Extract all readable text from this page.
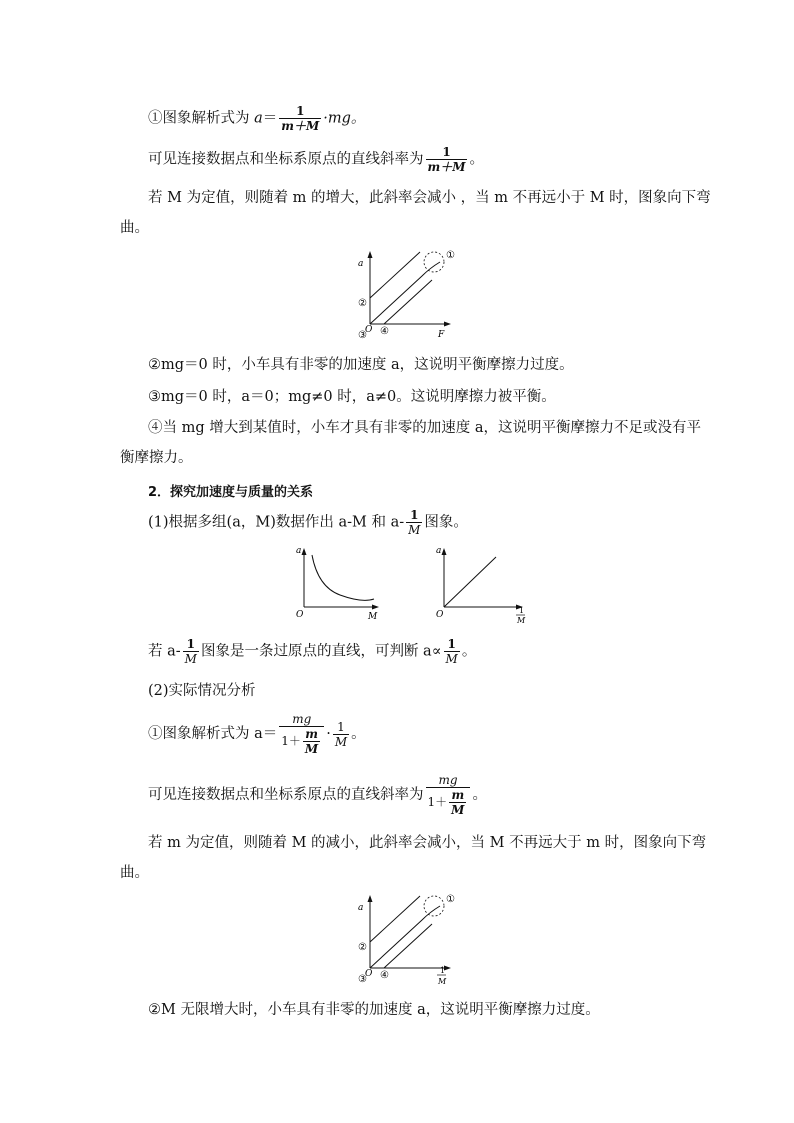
①图象解析式为 $a= \frac{1}{m+M} \cdot mg$。
可见连接数据点和坐标系原点的直线斜率为 $\frac{1}{m+M}$ 。
若 M 为定值，则随着 m 的增大，此斜率会减小 ，当 m 不再远小于 M 时，图象向下弯
曲。
a
F
O
①
②
③ ④
②mg＝0 时，小车具有非零的加速度 a，这说明平衡摩擦力过度。
③mg＝0 时，a＝0；mg≠0 时，a≠0。这说明摩擦力被平衡。
④当 mg 增大到某值时，小车才具有非零的加速度 a，这说明平衡摩擦力不足或没有平
衡摩擦力。
2．探究加速度与质量的关系
(1)根据多组(a，M)数据作出 a-M 和 $a- \frac{1}{M}$ 图象。
a
M
O
a
1
M
O
若 $a- \frac{1}{M}$ 图象是一条过原点的直线，可判断 $a\propto \frac{1}{M}$ 。
(2)实际情况分析
①图象解析式为 $a= \frac{mg}{1+ \frac{m}{M}} \cdot \frac{1}{M}$ 。
可见连接数据点和坐标系原点的直线斜率为 $\frac{mg}{1+ \frac{m}{M}}$ 。
若 m 为定值，则随着 M 的减小，此斜率会减小，当 M 不再远大于 m 时，图象向下弯
曲。
a
1
M
O
①
②
③ ④
②M 无限增大时，小车具有非零的加速度 a，这说明平衡摩擦力过度。
